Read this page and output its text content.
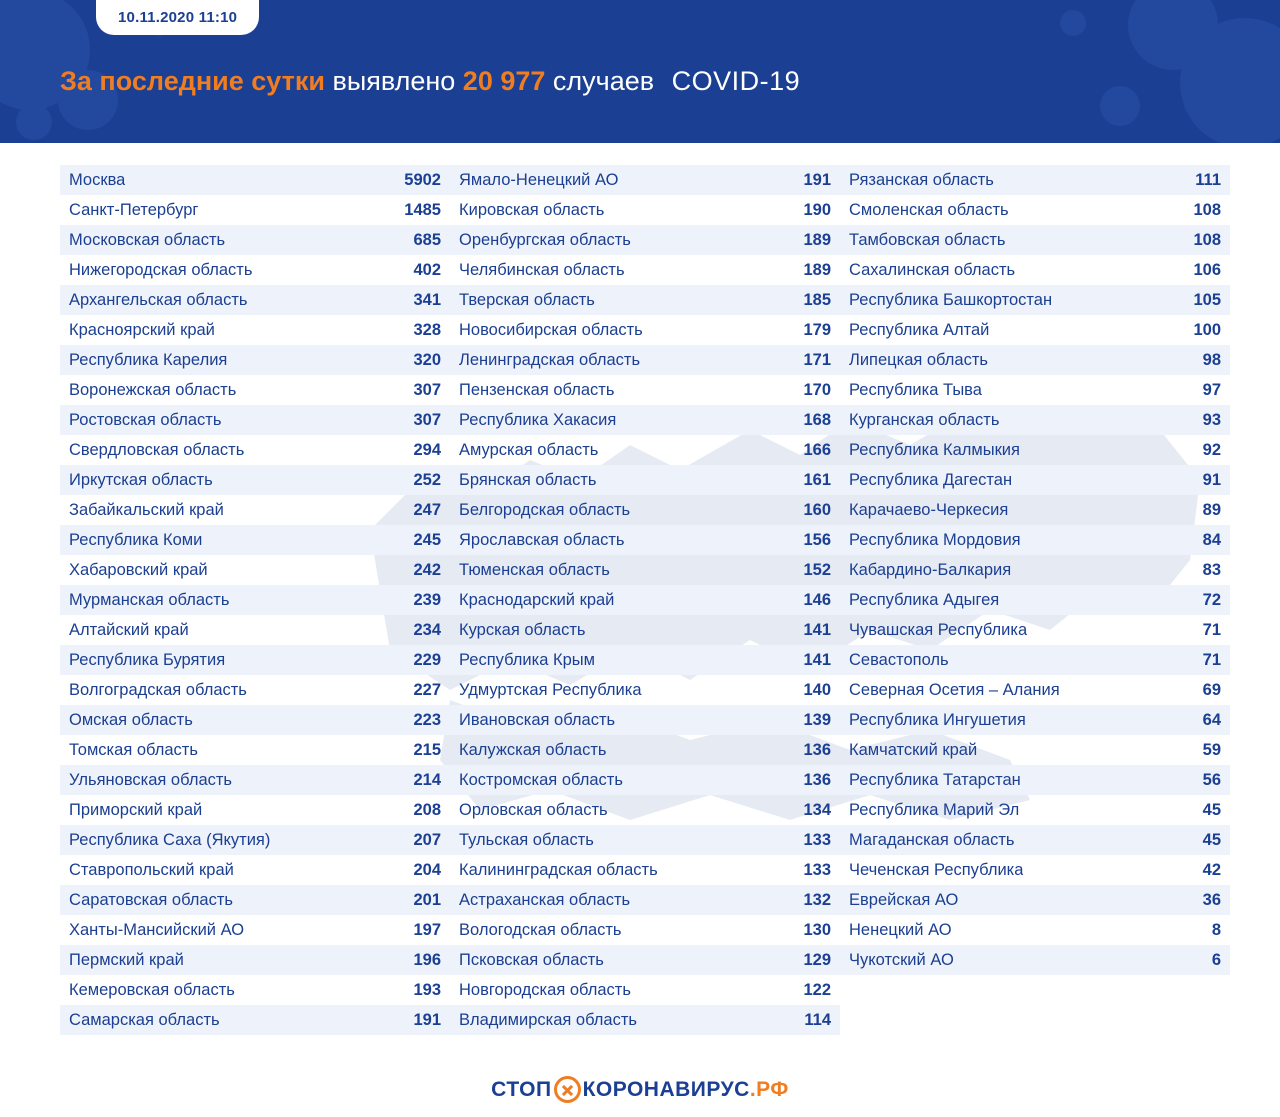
10.11.2020 11:10
За последние сутки выявлено 20 977 случаев COVID-19
Москва	5902
Санкт-Петербург	1485
Московская область	685
Нижегородская область	402
Архангельская область	341
Красноярский край	328
Республика Карелия	320
Воронежская область	307
Ростовская область	307
Свердловская область	294
Иркутская область	252
Забайкальский край	247
Республика Коми	245
Хабаровский край	242
Мурманская область	239
Алтайский край	234
Республика Бурятия	229
Волгоградская область	227
Омская область	223
Томская область	215
Ульяновская область	214
Приморский край	208
Республика Саха (Якутия)	207
Ставропольский край	204
Саратовская область	201
Ханты-Мансийский АО	197
Пермский край	196
Кемеровская область	193
Самарская область	191
Ямало-Ненецкий АО	191
Кировская область	190
Оренбургская область	189
Челябинская область	189
Тверская область	185
Новосибирская область	179
Ленинградская область	171
Пензенская область	170
Республика Хакасия	168
Амурская область	166
Брянская область	161
Белгородская область	160
Ярославская область	156
Тюменская область	152
Краснодарский край	146
Курская область	141
Республика Крым	141
Удмуртская Республика	140
Ивановская область	139
Калужская область	136
Костромская область	136
Орловская область	134
Тульская область	133
Калининградская область	133
Астраханская область	132
Вологодская область	130
Псковская область	129
Новгородская область	122
Владимирская область	114
Рязанская область	111
Смоленская область	108
Тамбовская область	108
Сахалинская область	106
Республика Башкортостан	105
Республика Алтай	100
Липецкая область	98
Республика Тыва	97
Курганская область	93
Республика Калмыкия	92
Республика Дагестан	91
Карачаево-Черкесия	89
Республика Мордовия	84
Кабардино-Балкария	83
Республика Адыгея	72
Чувашская Республика	71
Севастополь	71
Северная Осетия – Алания	69
Республика Ингушетия	64
Камчатский край	59
Республика Татарстан	56
Республика Марий Эл	45
Магаданская область	45
Чеченская Республика	42
Еврейская АО	36
Ненецкий АО	8
Чукотский АО	6
СТОП КОРОНАВИРУС .РФ
